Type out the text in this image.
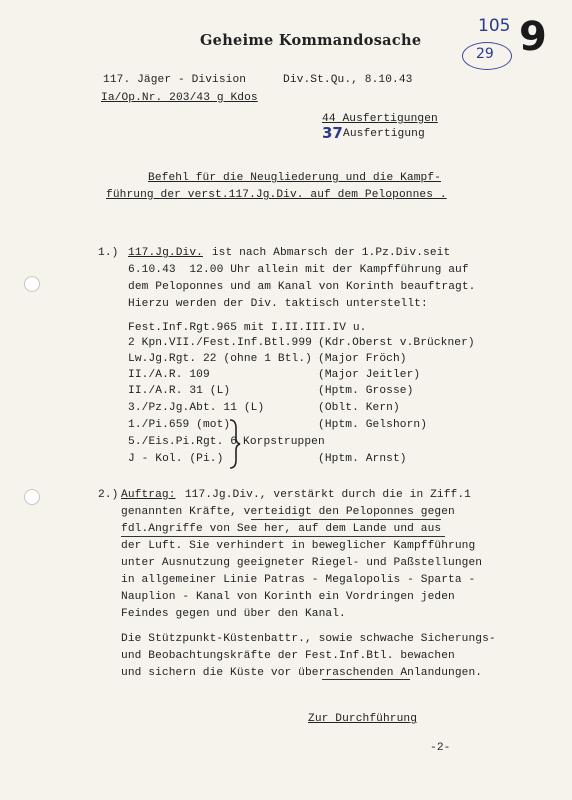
Geheime Kommandosache
105
29 9
117. Jäger - Division	Div.St.Qu., 8.10.43
Ia/Op.Nr. 203/43 g Kdos
44 Ausfertigungen
37 Ausfertigung
Befehl für die Neugliederung und die Kampf-
führung der verst.117.Jg.Div. auf dem Peloponnes .
1.) 117.Jg.Div. ist nach Abmarsch der 1.Pz.Div.seit
6.10.43  12.00 Uhr allein mit der Kampfführung auf
dem Peloponnes und am Kanal von Korinth beauftragt.
Hierzu werden der Div. taktisch unterstellt:
Fest.Inf.Rgt.965 mit I.II.III.IV u.
2 Kpn.VII./Fest.Inf.Btl.999 (Kdr.Oberst v.Brückner)
Lw.Jg.Rgt. 22 (ohne 1 Btl.) (Major Fröch)
II./A.R. 109	(Major Jeitler)
II./A.R. 31 (L)	(Hptm. Grosse)
3./Pz.Jg.Abt. 11 (L)	(Oblt. Kern)
1./Pi.659 (mot)	(Hptm. Gelshorn)
5./Eis.Pi.Rgt. 6 Korpstruppen
J - Kol. (Pi.)	(Hptm. Arnst)
2.) Auftrag: 117.Jg.Div., verstärkt durch die in Ziff.1
genannten Kräfte, verteidigt den Peloponnes gegen
fdl.Angriffe von See her, auf dem Lande und aus
der Luft. Sie verhindert in beweglicher Kampfführung
unter Ausnutzung geeigneter Riegel- und Paßstellungen
in allgemeiner Linie Patras - Megalopolis - Sparta -
Nauplion - Kanal von Korinth ein Vordringen jeden
Feindes gegen und über den Kanal.
Die Stützpunkt-Küstenbattr., sowie schwache Sicherungs-
und Beobachtungskräfte der Fest.Inf.Btl. bewachen
und sichern die Küste vor überraschenden Anlandungen.
Zur Durchführung
-2-
